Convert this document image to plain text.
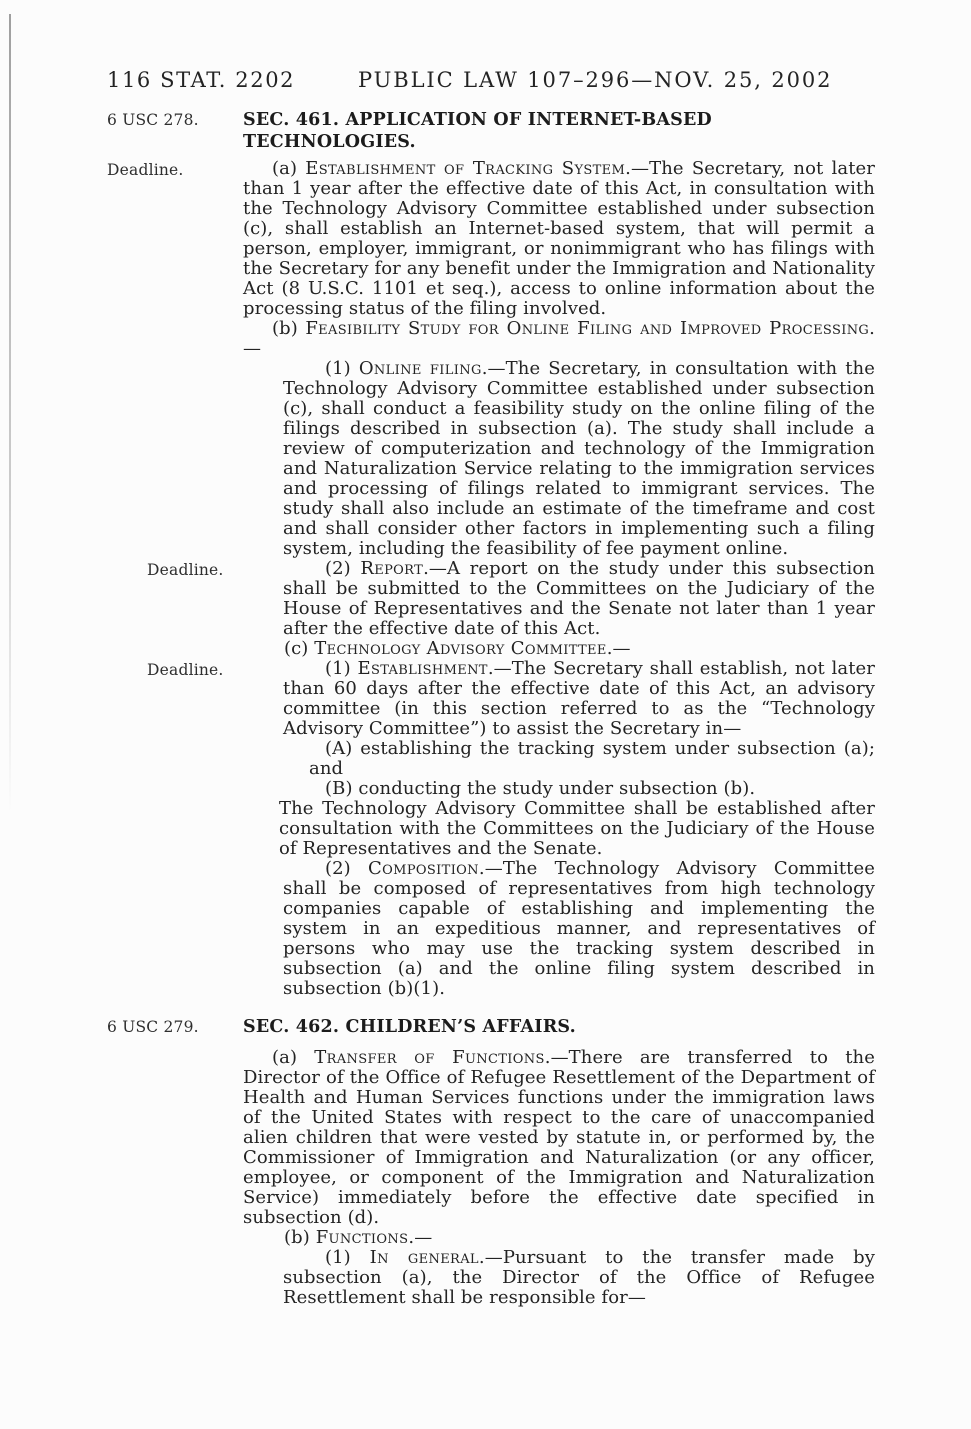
116 STAT. 2202	PUBLIC LAW 107–296—NOV. 25, 2002
6 USC 278.	SEC. 461. APPLICATION OF INTERNET-BASED TECHNOLOGIES.
Deadline.	(a) Establishment of Tracking System.—The Secretary, not later than 1 year after the effective date of this Act, in consultation with the Technology Advisory Committee established under subsection (c), shall establish an Internet-based system, that will permit a person, employer, immigrant, or nonimmigrant who has filings with the Secretary for any benefit under the Immigration and Nationality Act (8 U.S.C. 1101 et seq.), access to online information about the processing status of the filing involved.
(b) Feasibility Study for Online Filing and Improved Processing.—
(1) Online filing.—The Secretary, in consultation with the Technology Advisory Committee established under subsection (c), shall conduct a feasibility study on the online filing of the filings described in subsection (a). The study shall include a review of computerization and technology of the Immigration and Naturalization Service relating to the immigration services and processing of filings related to immigrant services. The study shall also include an estimate of the timeframe and cost and shall consider other factors in implementing such a filing system, including the feasibility of fee payment online.
Deadline.	(2) Report.—A report on the study under this subsection shall be submitted to the Committees on the Judiciary of the House of Representatives and the Senate not later than 1 year after the effective date of this Act.
(c) Technology Advisory Committee.—
Deadline.	(1) Establishment.—The Secretary shall establish, not later than 60 days after the effective date of this Act, an advisory committee (in this section referred to as the “Technology Advisory Committee”) to assist the Secretary in—
(A) establishing the tracking system under subsection (a); and
(B) conducting the study under subsection (b).
The Technology Advisory Committee shall be established after consultation with the Committees on the Judiciary of the House of Representatives and the Senate.
(2) Composition.—The Technology Advisory Committee shall be composed of representatives from high technology companies capable of establishing and implementing the system in an expeditious manner, and representatives of persons who may use the tracking system described in subsection (a) and the online filing system described in subsection (b)(1).
6 USC 279.	SEC. 462. CHILDREN’S AFFAIRS.
(a) Transfer of Functions.—There are transferred to the Director of the Office of Refugee Resettlement of the Department of Health and Human Services functions under the immigration laws of the United States with respect to the care of unaccompanied alien children that were vested by statute in, or performed by, the Commissioner of Immigration and Naturalization (or any officer, employee, or component of the Immigration and Naturalization Service) immediately before the effective date specified in subsection (d).
(b) Functions.—
(1) In general.—Pursuant to the transfer made by subsection (a), the Director of the Office of Refugee Resettlement shall be responsible for—
